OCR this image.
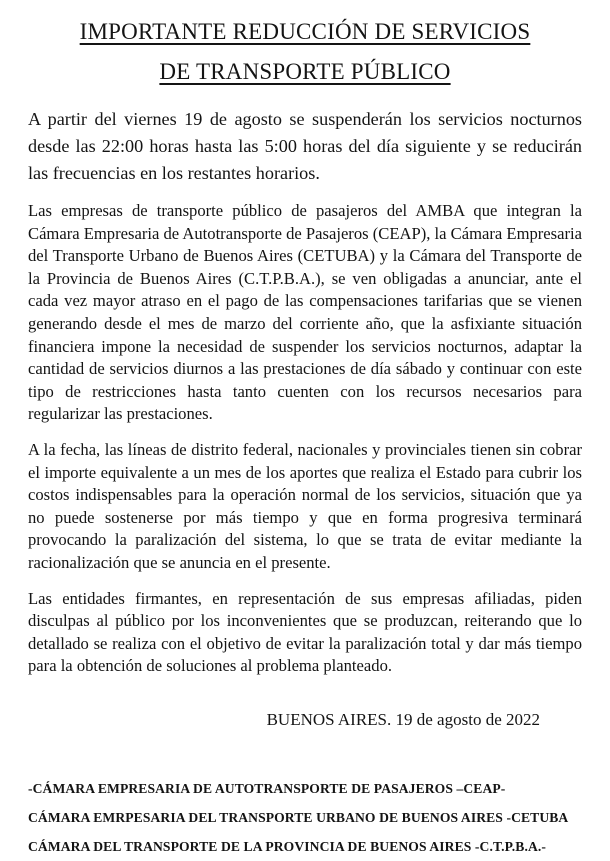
IMPORTANTE REDUCCIÓN DE SERVICIOS
DE TRANSPORTE PÚBLICO

A partir del viernes 19 de agosto se suspenderán los servicios nocturnos desde las 22:00 horas hasta las 5:00 horas del día siguiente y se reducirán las frecuencias en los restantes horarios.

Las empresas de transporte público de pasajeros del AMBA que integran la Cámara Empresaria de Autotransporte de Pasajeros (CEAP), la Cámara Empresaria del Transporte Urbano de Buenos Aires (CETUBA) y la Cámara del Transporte de la Provincia de Buenos Aires (C.T.P.B.A.), se ven obligadas a anunciar, ante el cada vez mayor atraso en el pago de las compensaciones tarifarias que se vienen generando desde el mes de marzo del corriente año, que la asfixiante situación financiera impone la necesidad de suspender los servicios nocturnos, adaptar la cantidad de servicios diurnos a las prestaciones de día sábado y continuar con este tipo de restricciones hasta tanto cuenten con los recursos necesarios para regularizar las prestaciones.

A la fecha, las líneas de distrito federal, nacionales y provinciales tienen sin cobrar el importe equivalente a un mes de los aportes que realiza el Estado para cubrir los costos indispensables para la operación normal de los servicios, situación que ya no puede sostenerse por más tiempo y que en forma progresiva terminará provocando la paralización del sistema, lo que se trata de evitar mediante la racionalización que se anuncia en el presente.

Las entidades firmantes, en representación de sus empresas afiliadas, piden disculpas al público por los inconvenientes que se produzcan, reiterando que lo detallado se realiza con el objetivo de evitar la paralización total y dar más tiempo para la obtención de soluciones al problema planteado.

BUENOS AIRES. 19 de agosto de 2022

-CÁMARA EMPRESARIA DE AUTOTRANSPORTE DE PASAJEROS –CEAP-
CÁMARA EMRPESARIA DEL TRANSPORTE URBANO DE BUENOS AIRES -CETUBA
CÁMARA DEL TRANSPORTE DE LA PROVINCIA DE BUENOS AIRES -C.T.P.B.A.-
